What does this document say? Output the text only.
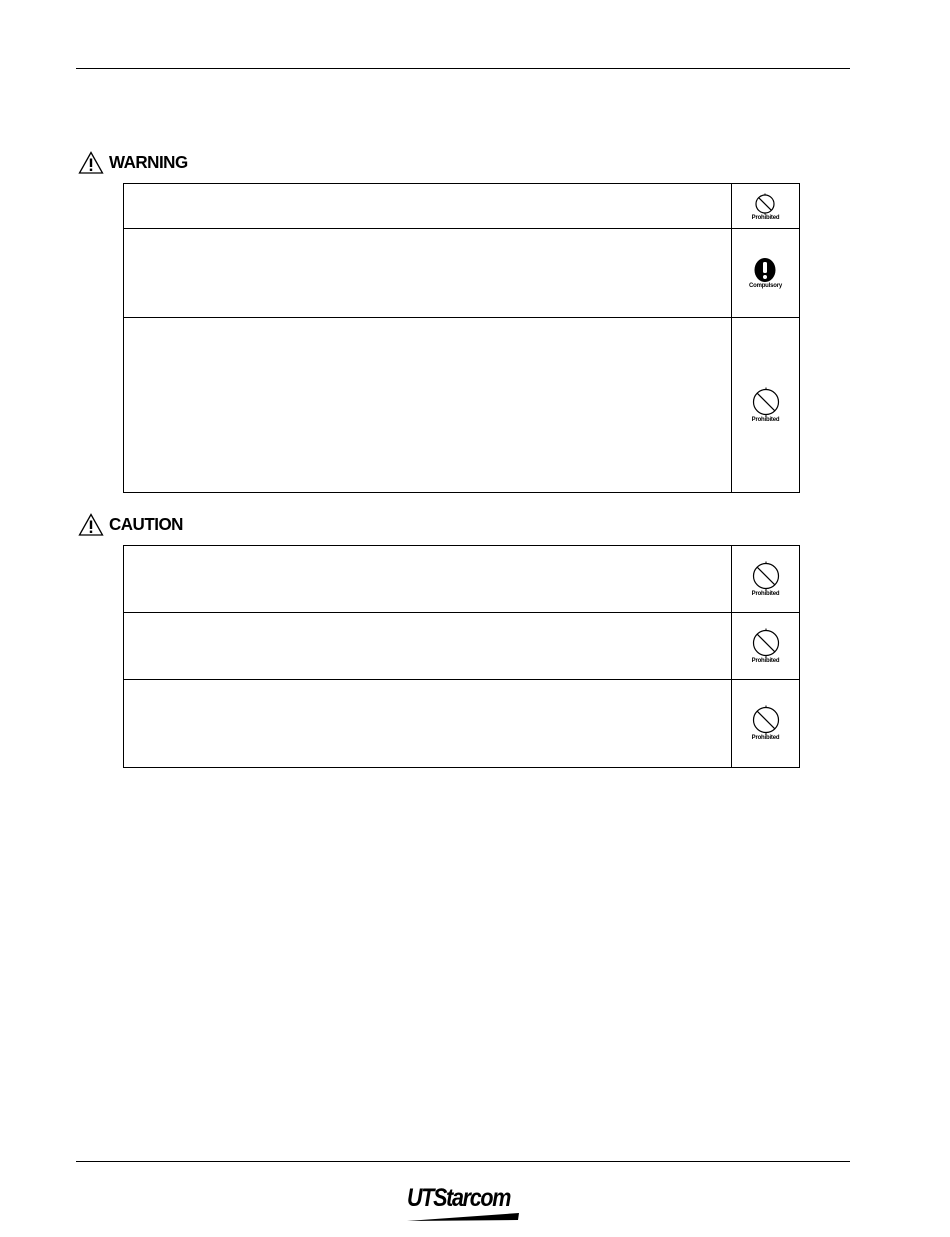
WARNING

	Prohibited

	Compulsory

	Prohibited
CAUTION

	Prohibited

	Prohibited

	Prohibited
UTStarcom
